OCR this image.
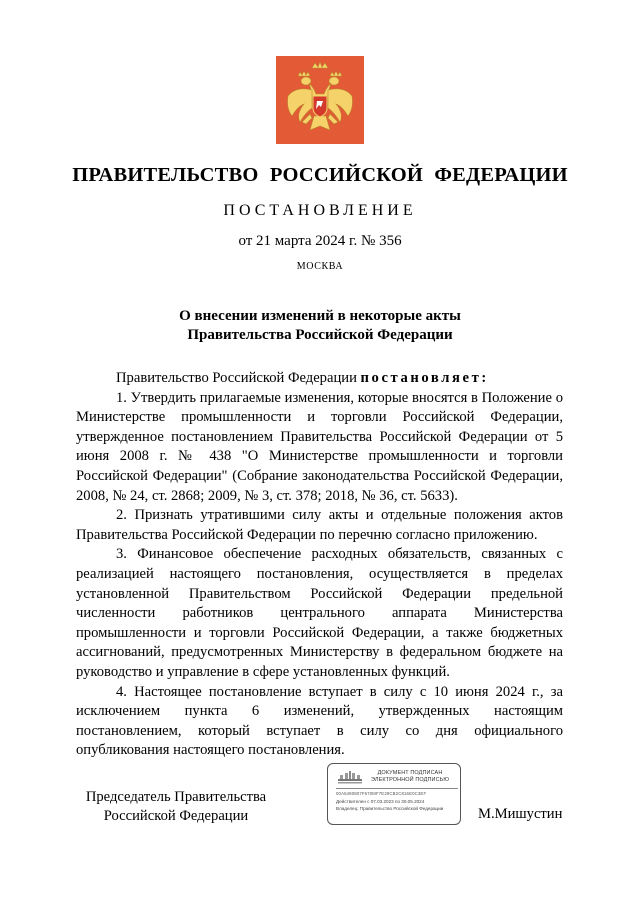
ПРАВИТЕЛЬСТВО РОССИЙСКОЙ ФЕДЕРАЦИИ
ПОСТАНОВЛЕНИЕ
от 21 марта 2024 г. № 356
МОСКВА
О внесении изменений в некоторые акты
Правительства Российской Федерации

Правительство Российской Федерации постановляет:

1. Утвердить прилагаемые изменения, которые вносятся в Положение о Министерстве промышленности и торговли Российской Федерации, утвержденное постановлением Правительства Российской Федерации от 5 июня 2008 г. № 438 "О Министерстве промышленности и торговли Российской Федерации" (Собрание законодательства Российской Федерации, 2008, № 24, ст. 2868; 2009, № 3, ст. 378; 2018, № 36, ст. 5633).

2. Признать утратившими силу акты и отдельные положения актов Правительства Российской Федерации по перечню согласно приложению.

3. Финансовое обеспечение расходных обязательств, связанных с реализацией настоящего постановления, осуществляется в пределах установленной Правительством Российской Федерации предельной численности работников центрального аппарата Министерства промышленности и торговли Российской Федерации, а также бюджетных ассигнований, предусмотренных Министерству в федеральном бюджете на руководство и управление в сфере установленных функций.

4. Настоящее постановление вступает в силу с 10 июня 2024 г., за исключением пункта 6 изменений, утвержденных настоящим постановлением, который вступает в силу со дня официального опубликования настоящего постановления.

Председатель Правительства
Российской Федерации
ДОКУМЕНТ ПОДПИСАН
ЭЛЕКТРОННОЙ ПОДПИСЬЮ
00A5490807F670MF7E29CB2C816E0C3EF
Действителен с 07.03.2023 по 30.05.2024
Владелец: Правительство Российской Федерации	М.Мишустин
